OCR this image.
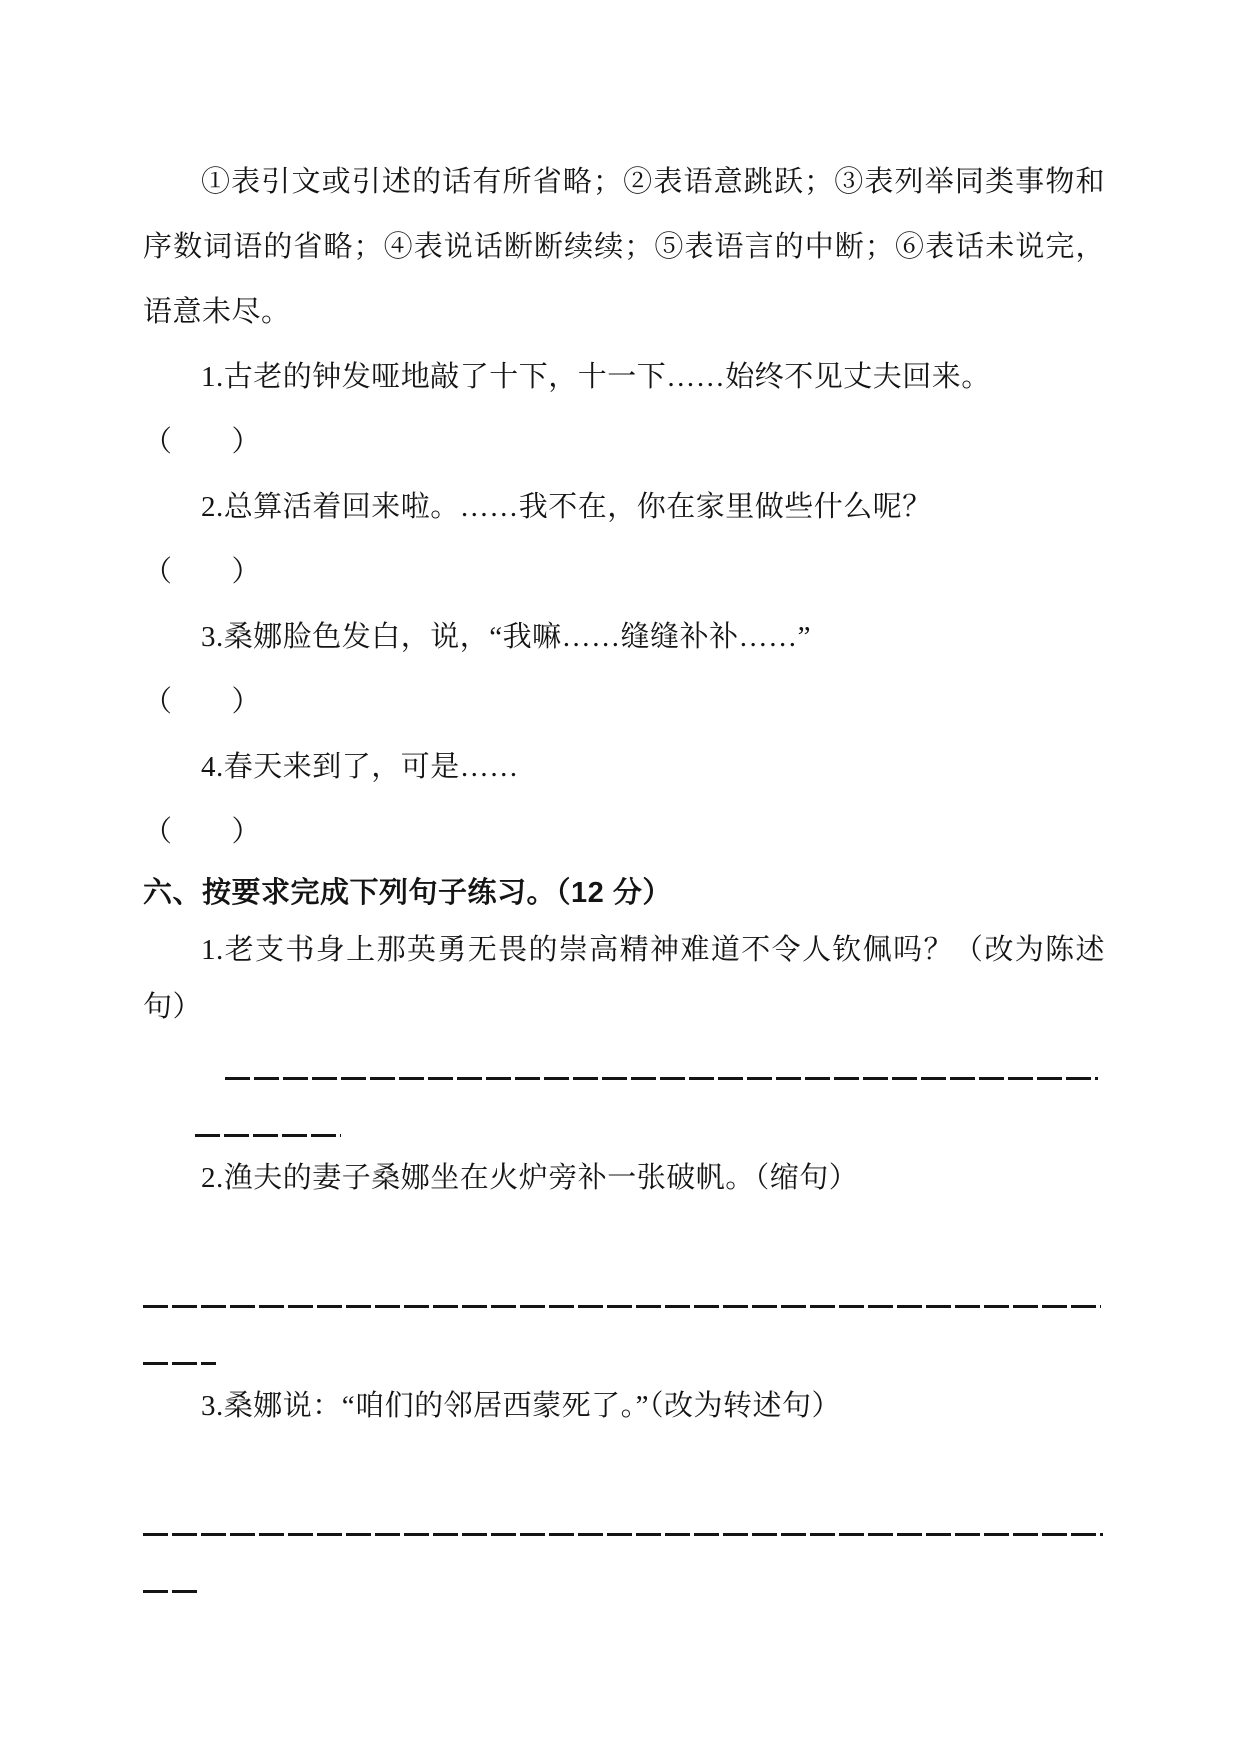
①表引文或引述的话有所省略；②表语意跳跃；③表列举同类事物和序数词语的省略；④表说话断断续续；⑤表语言的中断；⑥表话未说完，语意未尽。

1.古老的钟发哑地敲了十下，十一下……始终不见丈夫回来。

（　　）

2.总算活着回来啦。……我不在，你在家里做些什么呢？

（　　）

3.桑娜脸色发白，说，“我嘛……缝缝补补……”

（　　）

4.春天来到了，可是……

（　　）

六、按要求完成下列句子练习。（12 分）

1.老支书身上那英勇无畏的崇高精神难道不令人钦佩吗？（改为陈述句）

2.渔夫的妻子桑娜坐在火炉旁补一张破帆。（缩句）

3.桑娜说：“咱们的邻居西蒙死了。”（改为转述句）
